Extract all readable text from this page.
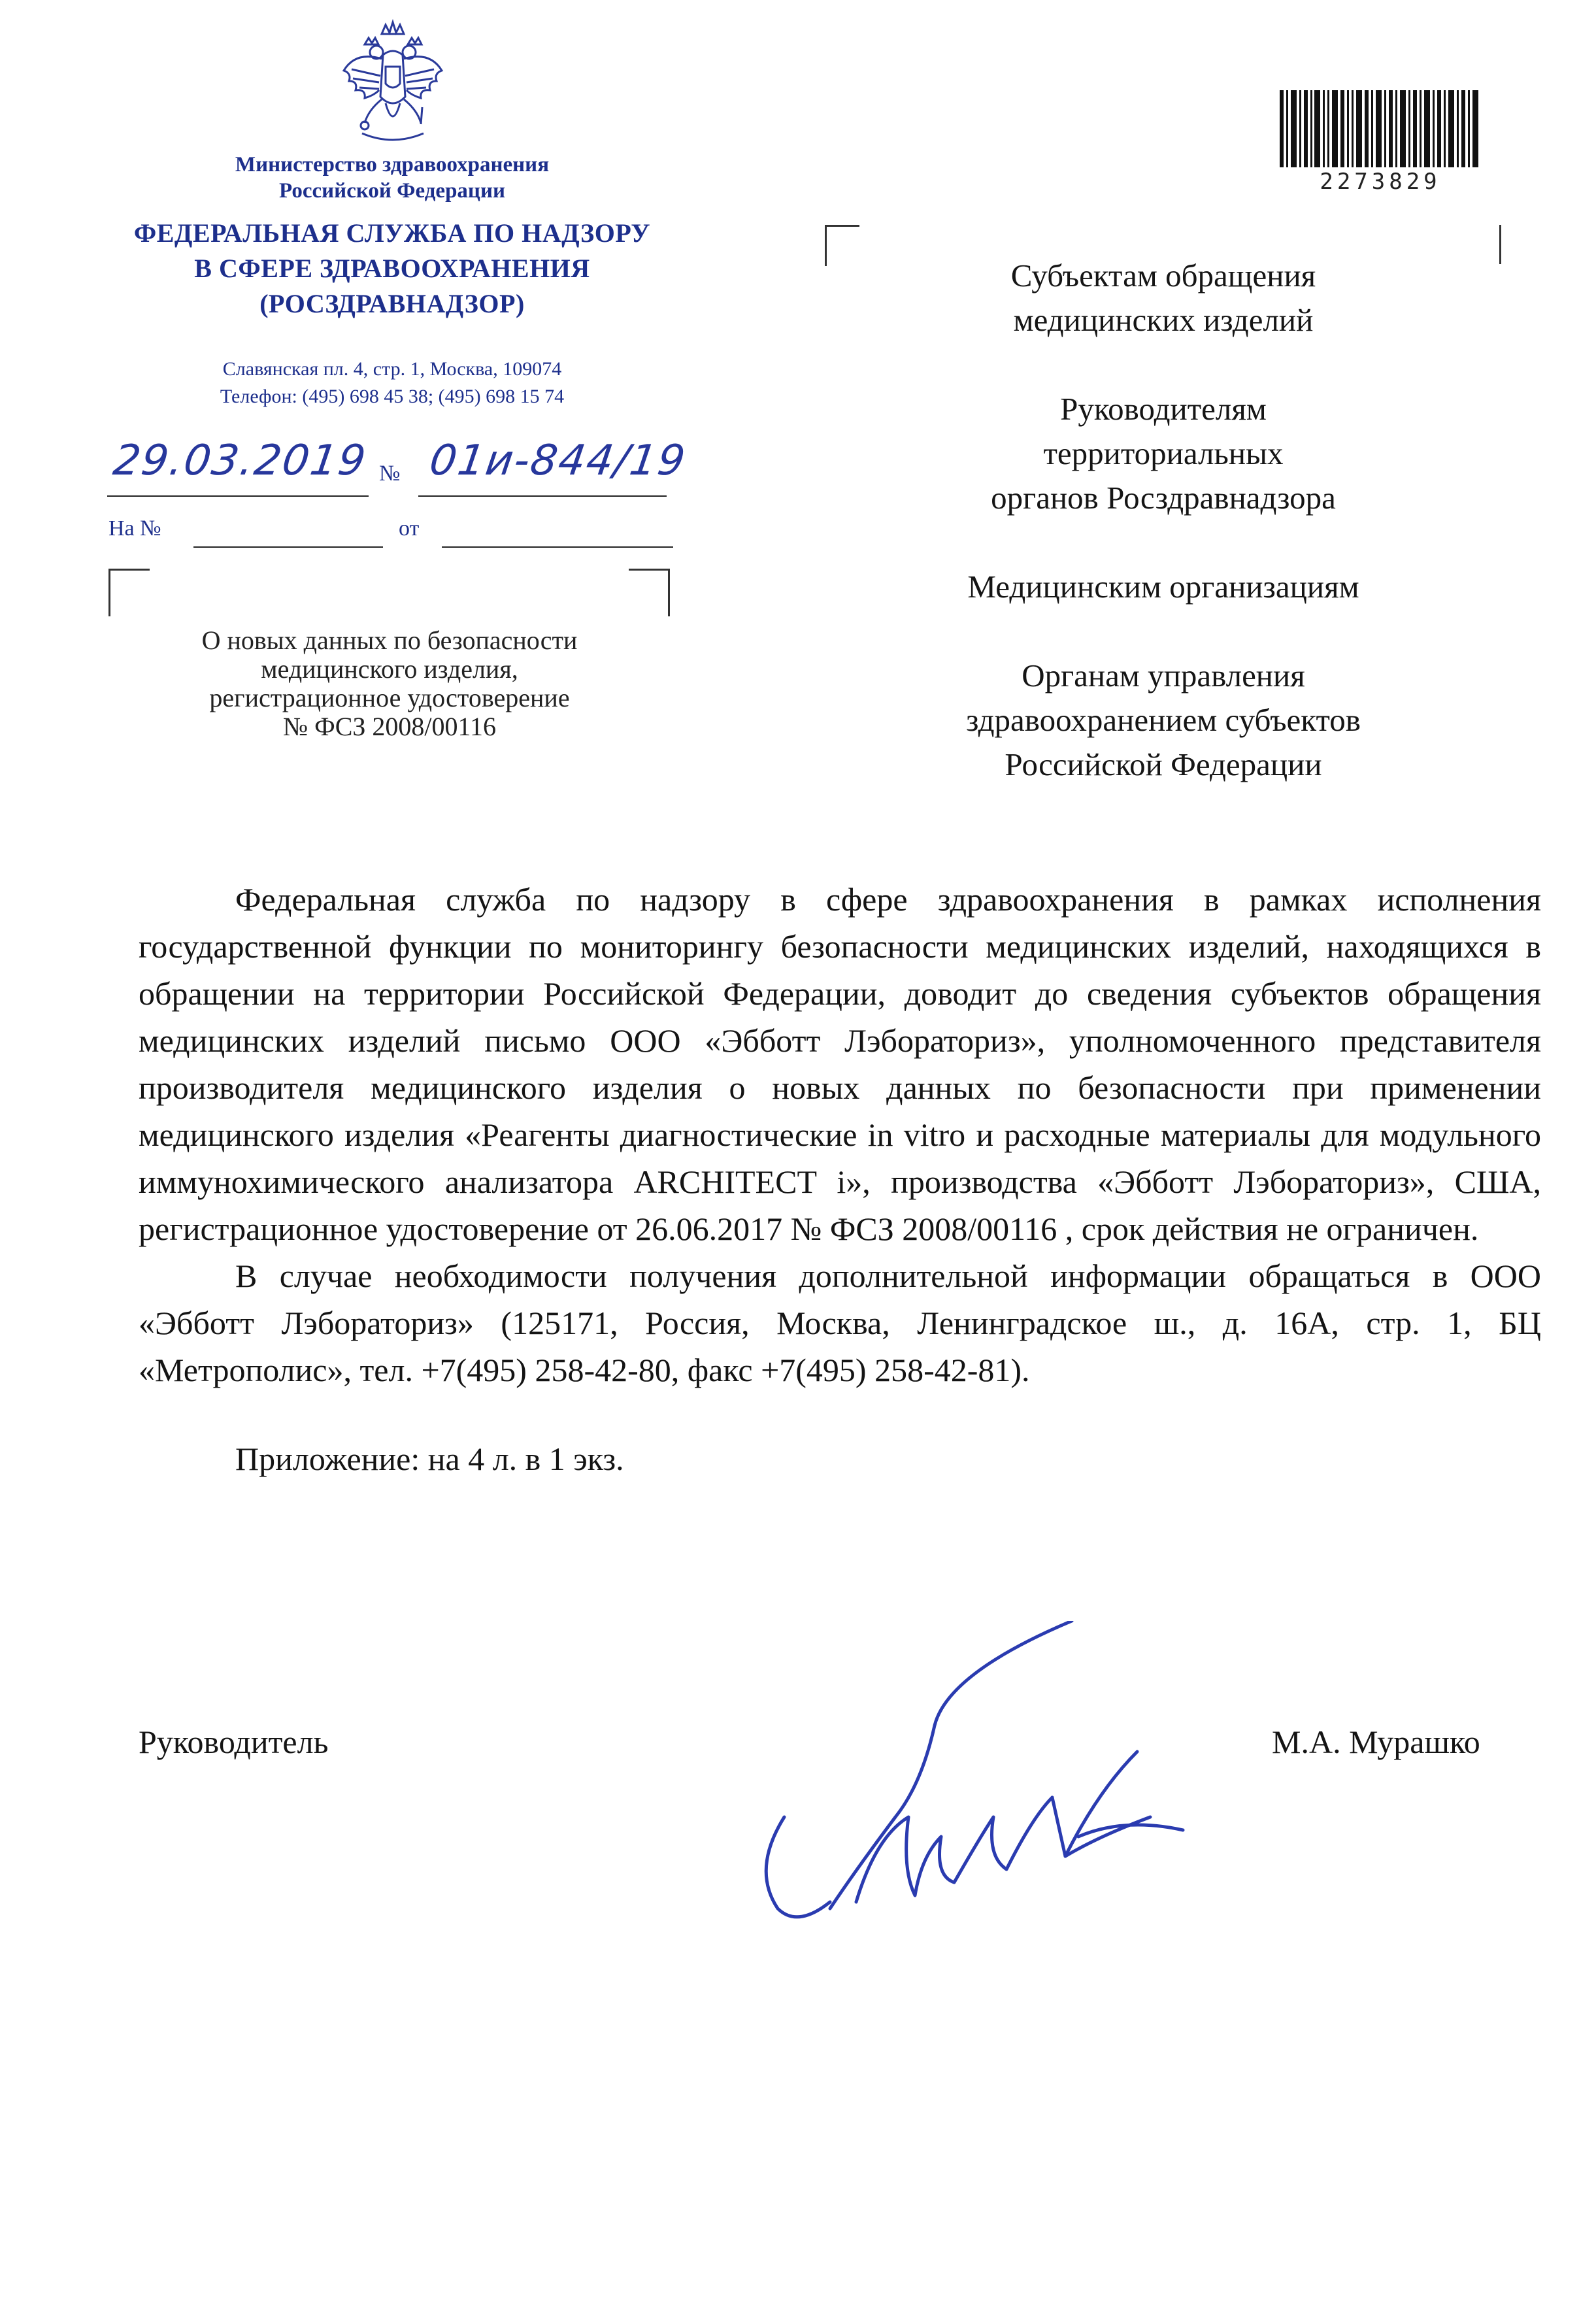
Министерство здравоохранения
Российской Федерации
ФЕДЕРАЛЬНАЯ СЛУЖБА ПО НАДЗОРУ
В СФЕРЕ ЗДРАВООХРАНЕНИЯ
(РОСЗДРАВНАДЗОР)
Славянская пл. 4, стр. 1, Москва, 109074
Телефон: (495) 698 45 38; (495) 698 15 74
29.03.2019 № 01и-844/19
На №	от
О новых данных по безопасности
медицинского изделия,
регистрационное удостоверение
№ ФСЗ 2008/00116
2273829
Субъектам обращения
медицинских изделий
Руководителям
территориальных
органов Росздравнадзора
Медицинским организациям
Органам управления
здравоохранением субъектов
Российской Федерации

Федеральная служба по надзору в сфере здравоохранения в рамках исполнения государственной функции по мониторингу безопасности медицинских изделий, находящихся в обращении на территории Российской Федерации, доводит до сведения субъектов обращения медицинских изделий письмо ООО «Эбботт Лэбораториз», уполномоченного представителя производителя медицинского изделия о новых данных по безопасности при применении медицинского изделия «Реагенты диагностические in vitro и расходные материалы для модульного иммунохимического анализатора ARCHITECT i», производства «Эбботт Лэбораториз», США, регистрационное удостоверение от 26.06.2017 № ФСЗ 2008/00116 , срок действия не ограничен.

В случае необходимости получения дополнительной информации обращаться в ООО «Эбботт Лэбораториз» (125171, Россия, Москва, Ленинградское ш., д. 16А, стр. 1, БЦ «Метрополис», тел. +7(495) 258-42-80, факс +7(495) 258-42-81).

Приложение: на 4 л. в 1 экз.

Руководитель	М.А. Мурашко
